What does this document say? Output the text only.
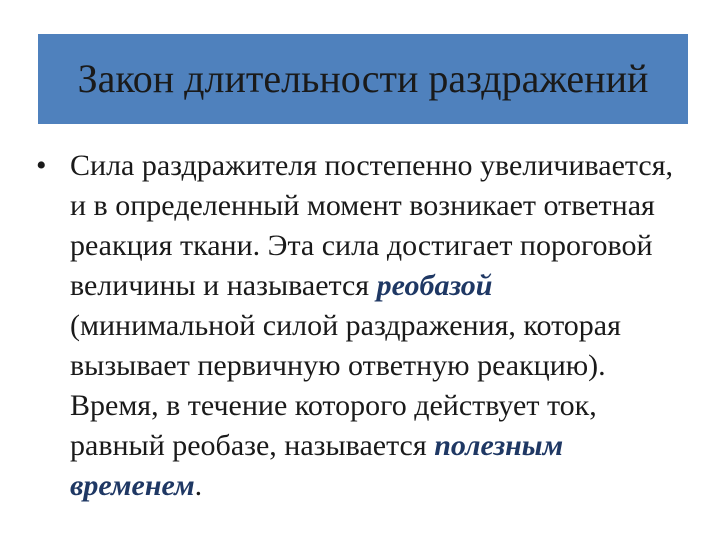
Закон длительности раздражений
• Сила раздражителя постепенно увеличивается, и в определенный момент возникает ответная реакция ткани. Эта сила достигает пороговой величины и называется реобазой (минимальной силой раздражения, которая вызывает первичную ответную реакцию). Время, в течение которого действует ток, равный реобазе, называется полезным временем.
